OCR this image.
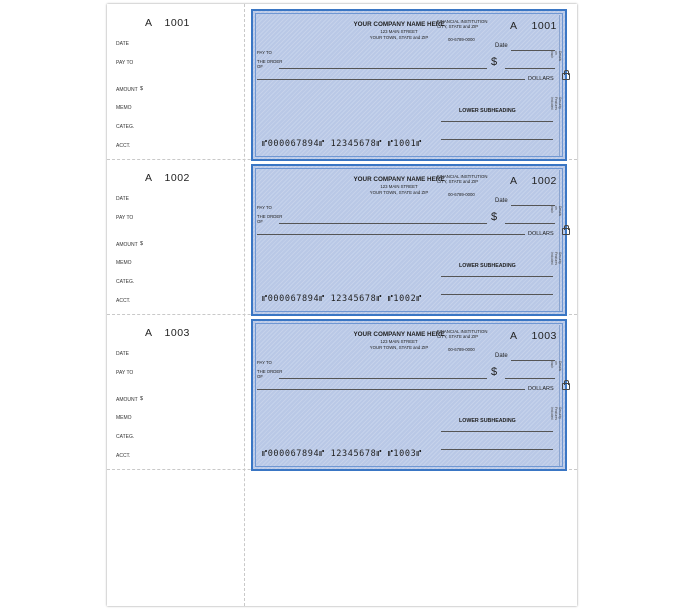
A 1001
DATE
PAY TO
AMOUNT $
MEMO
CATEG.
ACCT.
A 1002
DATE
PAY TO
AMOUNT $
MEMO
CATEG.
ACCT.
A 1003
DATE
PAY TO
AMOUNT $
MEMO
CATEG.
ACCT.
YOUR COMPANY NAME HERE
123 MAIN STREET
YOUR TOWN, STATE and ZIP
FINANCIAL INSTITUTION
CITY, STATE and ZIP
00-6789-0000
A 1001
Date
PAY TO
THE ORDER
OF	$
DOLLARS
LOWER SUBHEADING
⑈000067894⑈ 12345678⑈ ⑈1001⑈
Details on back
Security Features Included
YOUR COMPANY NAME HERE
123 MAIN STREET
YOUR TOWN, STATE and ZIP
FINANCIAL INSTITUTION
CITY, STATE and ZIP
00-6789-0000
A 1002
Date
PAY TO
THE ORDER
OF	$
DOLLARS
LOWER SUBHEADING
⑈000067894⑈ 12345678⑈ ⑈1002⑈
Details on back
Security Features Included
YOUR COMPANY NAME HERE
123 MAIN STREET
YOUR TOWN, STATE and ZIP
FINANCIAL INSTITUTION
CITY, STATE and ZIP
00-6789-0000
A 1003
Date
PAY TO
THE ORDER
OF	$
DOLLARS
LOWER SUBHEADING
⑈000067894⑈ 12345678⑈ ⑈1003⑈
Details on back
Security Features Included
